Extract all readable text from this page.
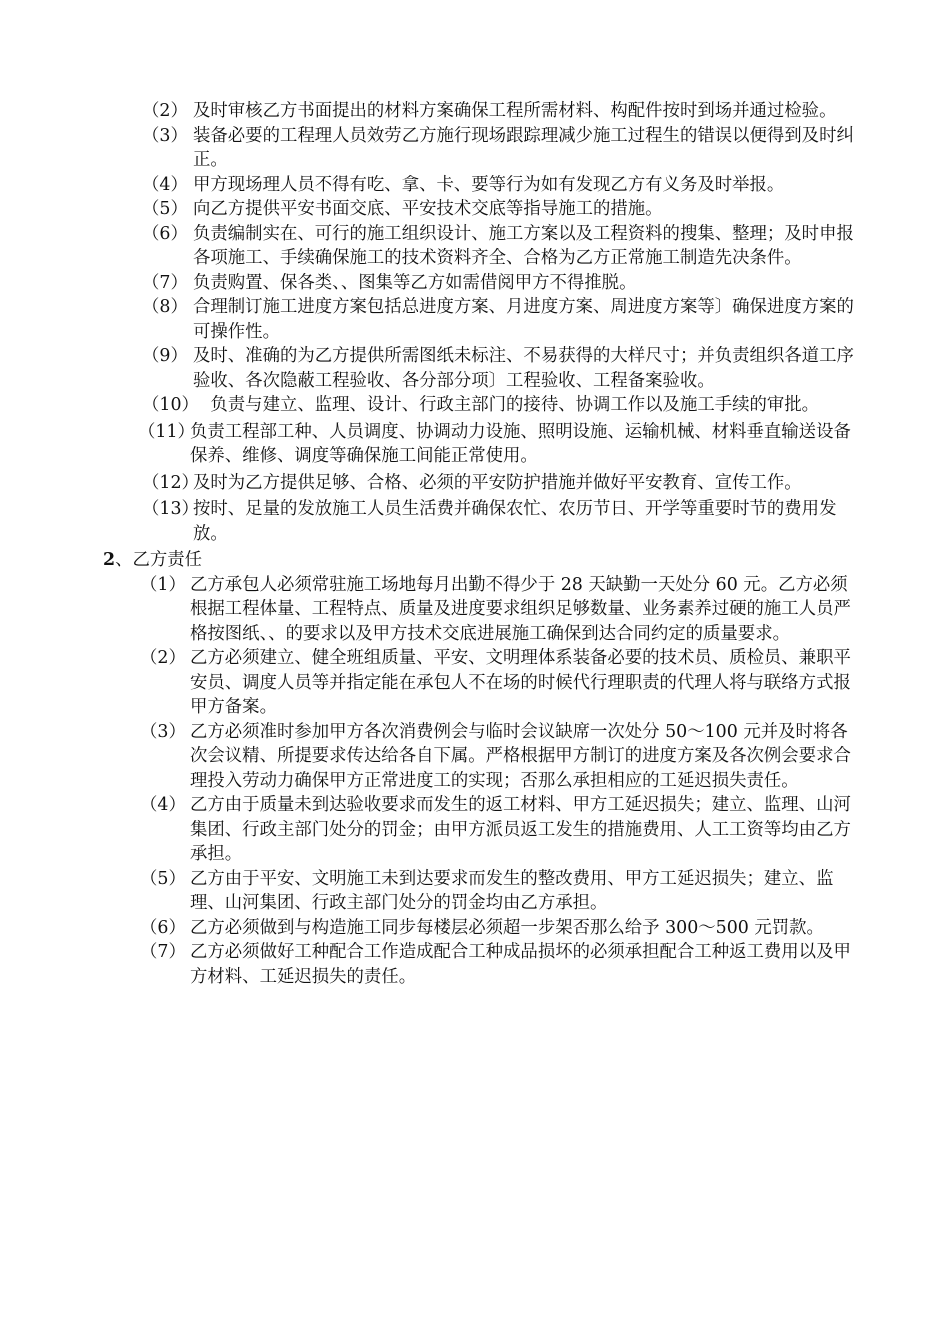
（2） 及时审核乙方书面提出的材料方案确保工程所需材料、构配件按时到场并通过检验。
（3） 装备必要的工程理人员效劳乙方施行现场跟踪理减少施工过程生的错误以便得到及时纠正。
（4） 甲方现场理人员不得有吃、拿、卡、要等行为如有发现乙方有义务及时举报。
（5） 向乙方提供平安书面交底、平安技术交底等指导施工的措施。
（6） 负责编制实在、可行的施工组织设计、施工方案以及工程资料的搜集、整理；及时申报各项施工、手续确保施工的技术资料齐全、合格为乙方正常施工制造先决条件。
（7） 负责购置、保各类、、图集等乙方如需借阅甲方不得推脱。
（8） 合理制订施工进度方案包括总进度方案、月进度方案、周进度方案等〕确保进度方案的可操作性。
（9） 及时、准确的为乙方提供所需图纸未标注、不易获得的大样尺寸；并负责组织各道工序验收、各次隐蔽工程验收、各分部分项〕工程验收、工程备案验收。
（10）
　负责与建立、监理、设计、行政主部门的接待、协调工作以及施工手续的审批。
（11）
负责工程部工种、人员调度、协调动力设施、照明设施、运输机械、材料垂直输送设备保养、维修、调度等确保施工间能正常使用。
（12）
及时为乙方提供足够、合格、必须的平安防护措施并做好平安教育、宣传工作。
（13）
按时、足量的发放施工人员生活费并确保农忙、农历节日、开学等重要时节的费用发放。
2、乙方责任
（1） 乙方承包人必须常驻施工场地每月出勤不得少于 28 天缺勤一天处分 60 元。乙方必须根据工程体量、工程特点、质量及进度要求组织足够数量、业务素养过硬的施工人员严格按图纸、、的要求以及甲方技术交底进展施工确保到达合同约定的质量要求。
（2） 乙方必须建立、健全班组质量、平安、文明理体系装备必要的技术员、质检员、兼职平安员、调度人员等并指定能在承包人不在场的时候代行理职责的代理人将与联络方式报甲方备案。
（3） 乙方必须准时参加甲方各次消费例会与临时会议缺席一次处分 50～100 元并及时将各次会议精、所提要求传达给各自下属。严格根据甲方制订的进度方案及各次例会要求合理投入劳动力确保甲方正常进度工的实现；否那么承担相应的工延迟损失责任。
（4） 乙方由于质量未到达验收要求而发生的返工材料、甲方工延迟损失；建立、监理、山河集团、行政主部门处分的罚金；由甲方派员返工发生的措施费用、人工工资等均由乙方承担。
（5） 乙方由于平安、文明施工未到达要求而发生的整改费用、甲方工延迟损失；建立、监理、山河集团、行政主部门处分的罚金均由乙方承担。
（6） 乙方必须做到与构造施工同步每楼层必须超一步架否那么给予 300～500 元罚款。
（7） 乙方必须做好工种配合工作造成配合工种成品损坏的必须承担配合工种返工费用以及甲方材料、工延迟损失的责任。
